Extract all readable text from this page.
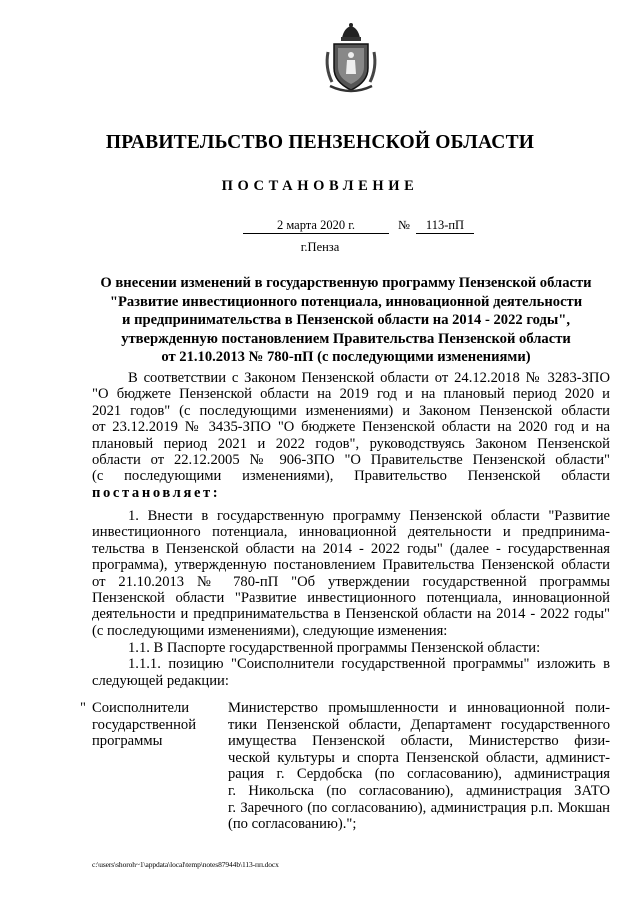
ПРАВИТЕЛЬСТВО ПЕНЗЕНСКОЙ ОБЛАСТИ
ПОСТАНОВЛЕНИЕ
2 марта 2020 г.	№	113-пП
г.Пенза
О внесении изменений в государственную программу Пензенской области
"Развитие инвестиционного потенциала, инновационной деятельности
и предпринимательства в Пензенской области на 2014 - 2022 годы",
утвержденную постановлением Правительства Пензенской области
от 21.10.2013 № 780-пП (с последующими изменениями)
В соответствии с Законом Пензенской области от 24.12.2018 № 3283-ЗПО
"О бюджете Пензенской области на 2019 год и на плановый период 2020 и
2021 годов" (с последующими изменениями) и Законом Пензенской области
от 23.12.2019 № 3435-ЗПО "О бюджете Пензенской области на 2020 год и на
плановый период 2021 и 2022 годов", руководствуясь Законом Пензенской
области от 22.12.2005 № 906-ЗПО "О Правительстве Пензенской области"
(с последующими изменениями), Правительство Пензенской области
постановляет:
1. Внести в государственную программу Пензенской области "Развитие
инвестиционного потенциала, инновационной деятельности и предпринима-
тельства в Пензенской области на 2014 - 2022 годы" (далее - государственная
программа), утвержденную постановлением Правительства Пензенской области
от 21.10.2013 № 780-пП "Об утверждении государственной программы
Пензенской области "Развитие инвестиционного потенциала, инновационной
деятельности и предпринимательства в Пензенской области на 2014 - 2022 годы"
(с последующими изменениями), следующие изменения:
1.1. В Паспорте государственной программы Пензенской области:
1.1.1. позицию "Соисполнители государственной программы" изложить в
следующей редакции:
" Соисполнители
государственной
программы
Министерство промышленности и инновационной поли-
тики Пензенской области, Департамент государственного
имущества Пензенской области, Министерство физи-
ческой культуры и спорта Пензенской области, админист-
рация г. Сердобска (по согласованию), администрация
г. Никольска (по согласованию), администрация ЗАТО
г. Заречного (по согласованию), администрация р.п. Мокшан
(по согласованию).";
c:\users\shoroh~1\appdata\local\temp\notes87944b\113-пп.docx
